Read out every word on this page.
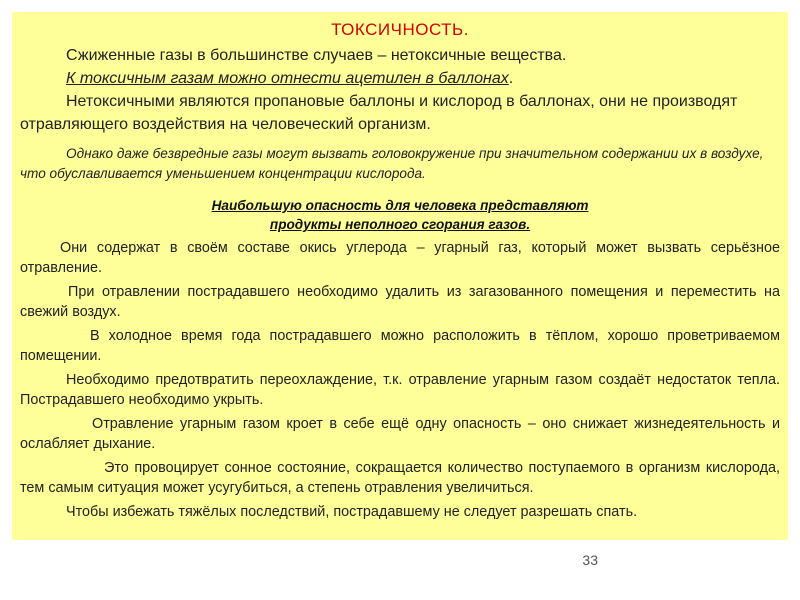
ТОКСИЧНОСТЬ.

Сжиженные газы в большинстве случаев – нетоксичные вещества.

К токсичным газам можно отнести ацетилен в баллонах.

Нетоксичными являются пропановые баллоны и кислород в баллонах, они не производят отравляющего воздействия на человеческий организм.

Однако даже безвредные газы могут вызвать головокружение при значительном содержании их в воздухе, что обуславливается уменьшением концентрации кислорода.

Наибольшую опасность для человека представляют
продукты неполного сгорания газов.

Они содержат в своём составе окись углерода – угарный газ, который может вызвать серьёзное отравление.

При отравлении пострадавшего необходимо удалить из загазованного помещения и переместить на свежий воздух.

В холодное время года пострадавшего можно расположить в тёплом, хорошо проветриваемом помещении.

Необходимо предотвратить переохлаждение, т.к. отравление угарным газом создаёт недостаток тепла. Пострадавшего необходимо укрыть.

Отравление угарным газом кроет в себе ещё одну опасность – оно снижает жизнедеятельность и ослабляет дыхание.

Это провоцирует сонное состояние, сокращается количество поступаемого в организм кислорода, тем самым ситуация может усугубиться, а степень отравления увеличиться.

Чтобы избежать тяжёлых последствий, пострадавшему не следует разрешать спать.

33
